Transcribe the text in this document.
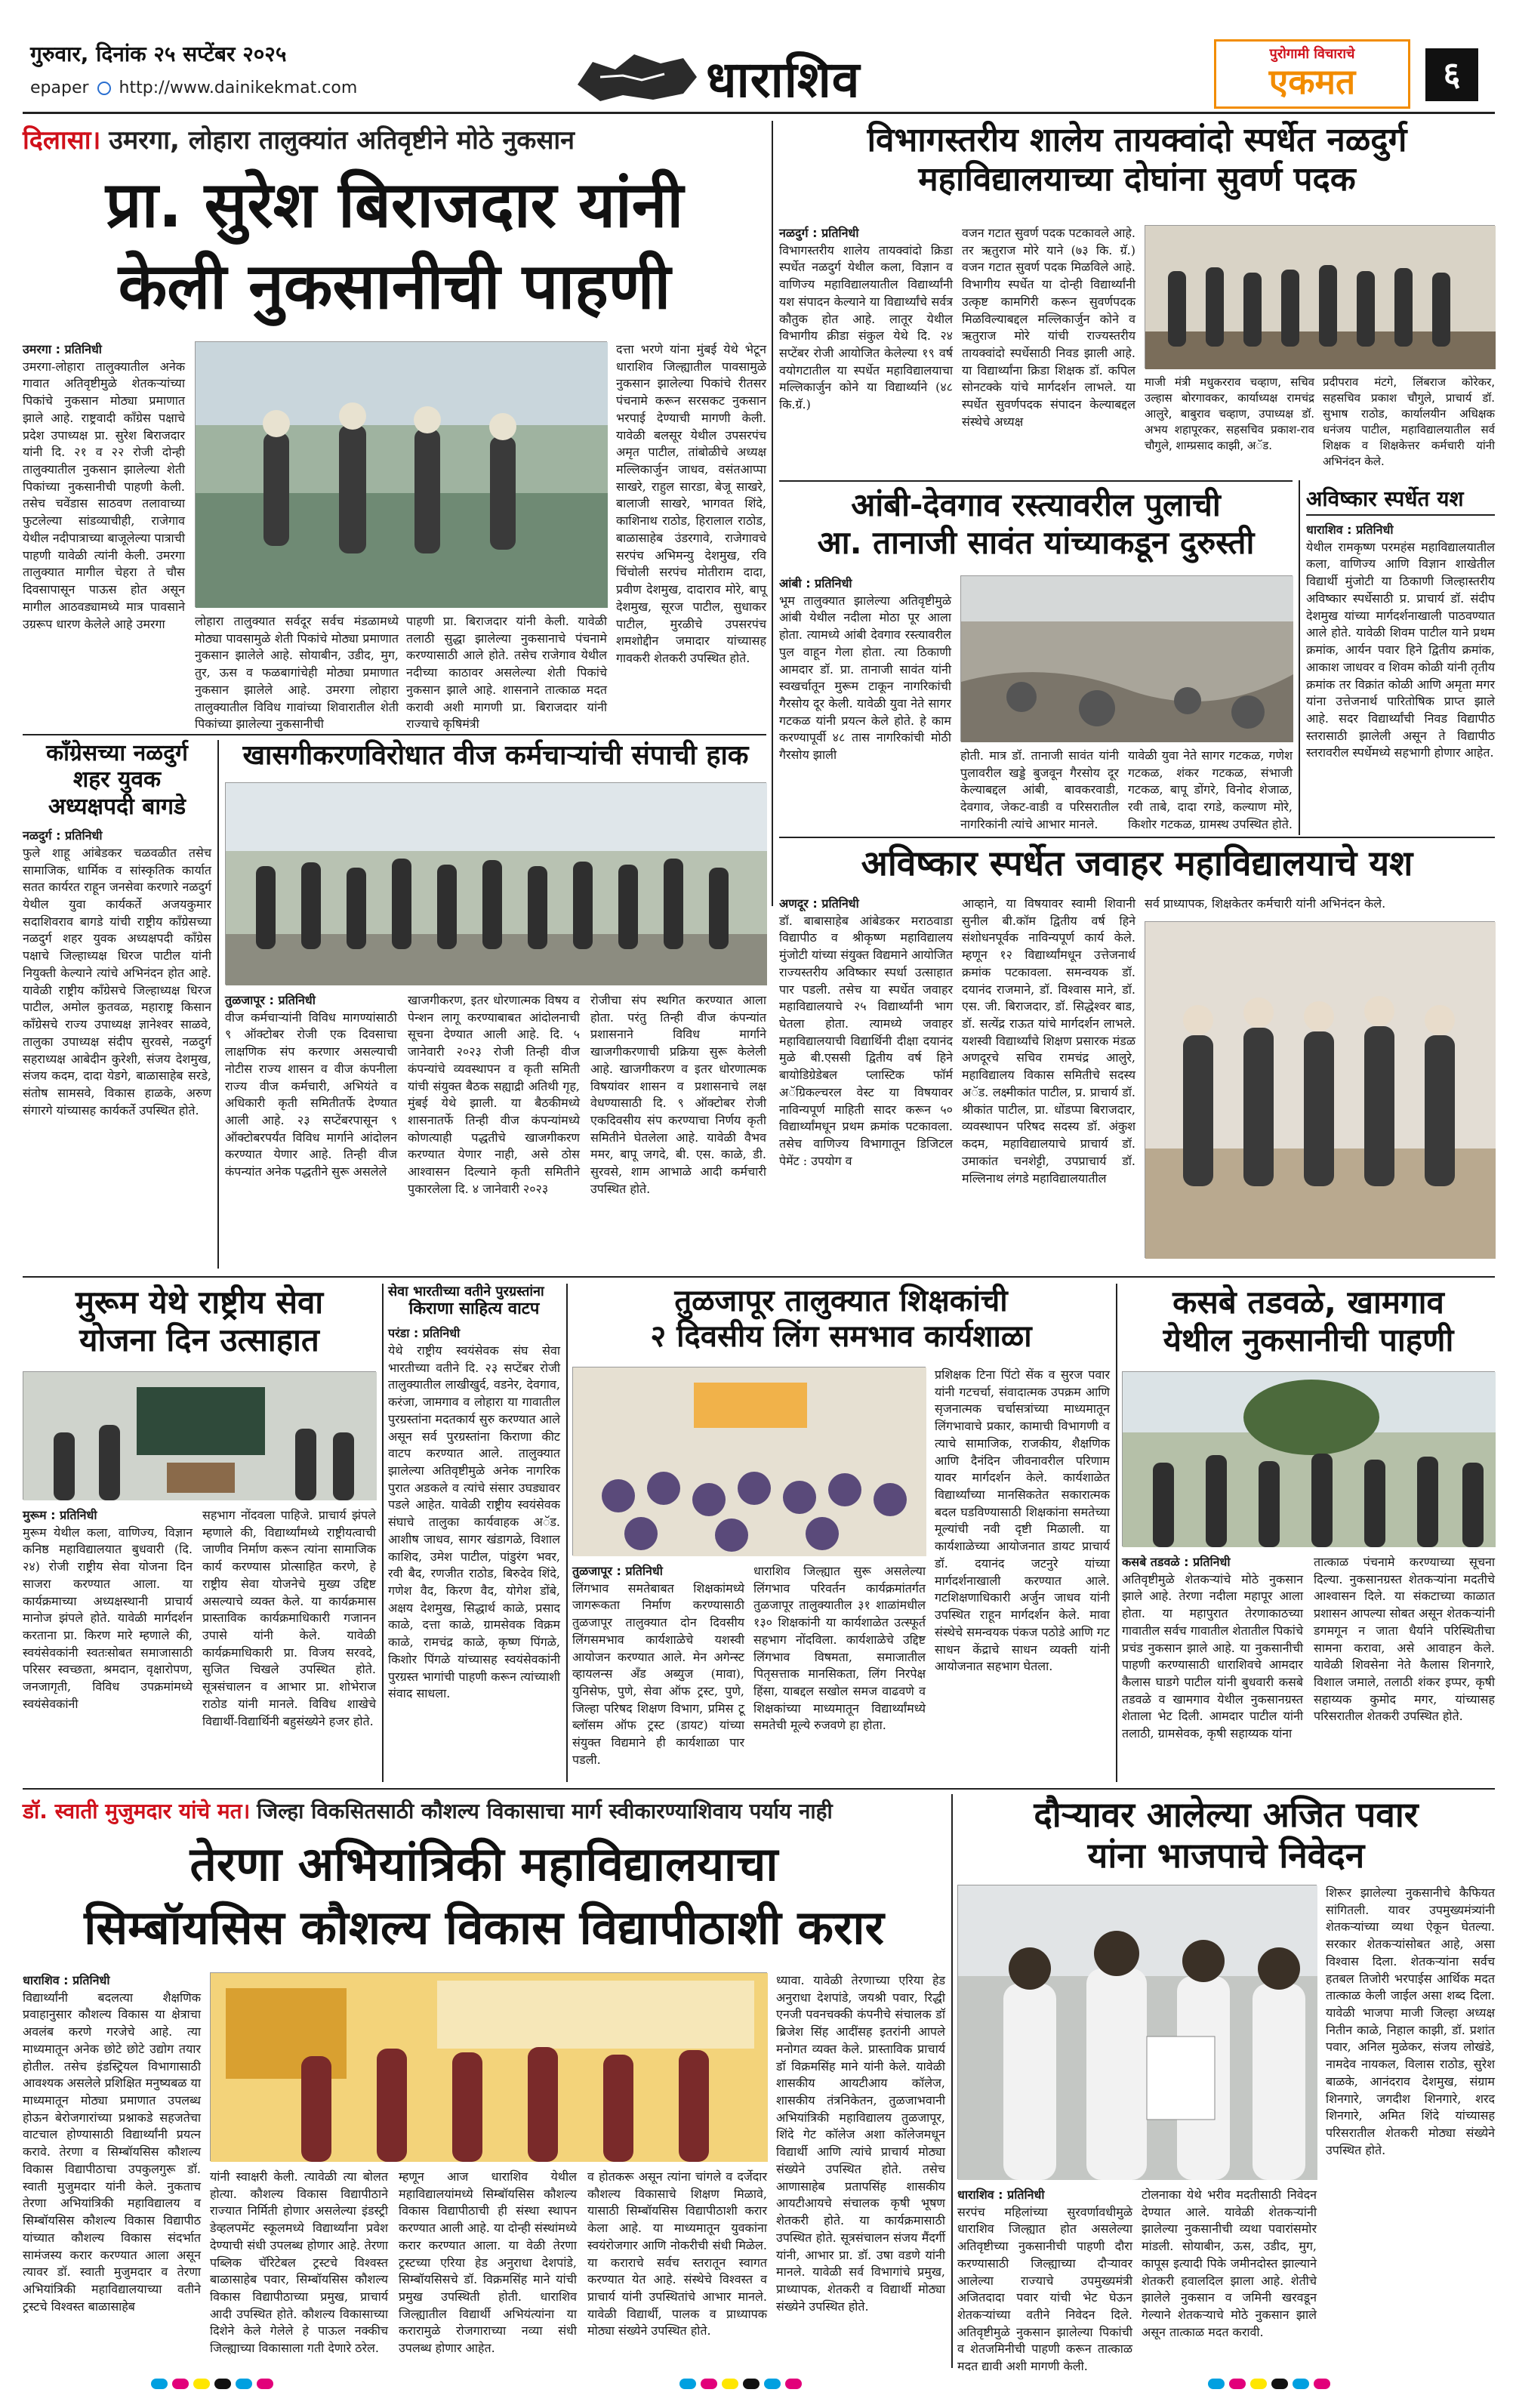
गुरुवार, दिनांक २५ सप्टेंबर २०२५
epaper http://www.dainikekmat.com	धाराशिव	पुरोगामी विचाराचे
एकमत	६
दिलासा। उमरगा, लोहारा तालुक्यांत अतिवृष्टीने मोठे नुकसान
प्रा. सुरेश बिराजदार यांनी
केली नुकसानीची पाहणी
उमरगा : प्रतिनिधी
उमरगा-लोहारा तालुक्यातील अनेक गावात अतिवृष्टीमुळे शेतकऱ्यांच्या पिकांचे नुकसान मोठ्या प्रमाणात झाले आहे. राष्ट्रवादी काँग्रेस पक्षाचे प्रदेश उपाध्यक्ष प्रा. सुरेश बिराजदार यांनी दि. २१ व २२ रोजी दोन्ही तालुक्यातील नुकसान झालेल्या शेती पिकांच्या नुकसानीची पाहणी केली. तसेच चवेंडास साठवण तलावाच्या फुटलेल्या सांडव्याचीही, राजेगाव येथील नदीपात्राच्या बाजूलेल्या पात्राची पाहणी यावेळी त्यांनी केली. उमरगा तालुक्यात मागील चेहरा ते चौस दिवसापासून पाऊस होत असून मागील आठवड्यामध्ये मात्र पावसाने उग्ररूप धारण केलेले आहे उमरगा	लोहारा तालुक्यात सर्वदूर सर्वच मंडळामध्ये मोठ्या पावसामुळे शेती पिकांचे मोठ्या प्रमाणात नुकसान झालेले आहे. सोयाबीन, उडीद, मुग, तुर, ऊस व फळबागांचेही मोठ्या प्रमाणात नुकसान झालेले आहे. उमरगा लोहारा तालुक्यातील विविध गावांच्या शिवारातील शेती पिकांच्या झालेल्या नुकसानीची
पाहणी प्रा. बिराजदार यांनी केली. यावेळी तलाठी सुद्धा झालेल्या नुकसानाचे पंचनामे करण्यासाठी आले होते. तसेच राजेगाव येथील नदीच्या काठावर असलेल्या शेती पिकांचे नुकसान झाले आहे. शासनाने तात्काळ मदत करावी अशी मागणी प्रा. बिराजदार यांनी राज्याचे कृषिमंत्री
दत्ता भरणे यांना मुंबई येथे भेटून धाराशिव जिल्ह्यातील पावसामुळे नुकसान झालेल्या पिकांचे रीतसर पंचनामे करून सरसकट नुकसान भरपाई देण्याची मागणी केली. यावेळी बलसूर येथील उपसरपंच अमृत पाटील, तांबोळीचे अध्यक्ष मल्लिकार्जुन जाधव, वसंतआप्पा साखरे, राहुल सारडा, बेजू साखरे, बालाजी साखरे, भागवत शिंदे, काशिनाथ राठोड, हिरालाल राठोड, बाळासाहेब उंडरगावे, राजेगावचे सरपंच अभिमन्यु देशमुख, रवि चिंचोली सरपंच मोतीराम दादा, प्रवीण देशमुख, दादाराव मोरे, बापू देशमुख, सूरज पाटील, सुधाकर पाटील, मुरळीचे उपसरपंच शमशोद्दीन जमादार यांच्यासह गावकरी शेतकरी उपस्थित होते.
काँग्रेसच्या नळदुर्ग
शहर युवक
अध्यक्षपदी बागडे
नळदुर्ग : प्रतिनिधी
फुले शाहू आंबेडकर चळवळीत तसेच सामाजिक, धार्मिक व सांस्कृतिक कार्यात सतत कार्यरत राहून जनसेवा करणारे नळदुर्ग येथील युवा कार्यकर्ते अजयकुमार सदाशिवराव बागडे यांची राष्ट्रीय काँग्रेसच्या नळदुर्ग शहर युवक अध्यक्षपदी काँग्रेस पक्षाचे जिल्हाध्यक्ष धिरज पाटील यांनी नियुक्ती केल्याने त्यांचे अभिनंदन होत आहे. यावेळी राष्ट्रीय काँग्रेसचे जिल्हाध्यक्ष धिरज पाटील, अमोल कुतवळ, महाराष्ट्र किसान काँग्रेसचे राज्य उपाध्यक्ष ज्ञानेश्वर साळवे, तालुका उपाध्यक्ष संदीप सुरवसे, नळदुर्ग सहराध्यक्ष आबेदीन कुरेशी, संजय देशमुख, संजय कदम, दादा येडगे, बाळासाहेब सरडे, संतोष सामसवे, विकास हाळके, अरुण संगारगे यांच्यासह कार्यकर्ते उपस्थित होते.
खासगीकरणविरोधात वीज कर्मचाऱ्यांची संपाची हाक
तुळजापूर : प्रतिनिधी
वीज कर्मचाऱ्यांनी विविध मागण्यांसाठी ९ ऑक्टोबर रोजी एक दिवसाचा लाक्षणिक संप करणार असल्याची नोटीस राज्य शासन व वीज कंपनीला राज्य वीज कर्मचारी, अभियंते व अधिकारी कृती समितीतर्फे देण्यात आली आहे. २३ सप्टेंबरपासून ९ ऑक्टोबरपर्यंत विविध मार्गाने आंदोलन करण्यात येणार आहे. तिन्ही वीज कंपन्यांत अनेक पद्धतीने सुरू असलेले
खाजगीकरण, इतर धोरणात्मक विषय व पेन्शन लागू करण्याबाबत आंदोलनाची सूचना देण्यात आली आहे. दि. ५ जानेवारी २०२३ रोजी तिन्ही वीज कंपन्यांचे व्यवस्थापन व कृती समिती यांची संयुक्त बैठक सह्याद्री अतिथी गृह, मुंबई येथे झाली. या बैठकीमध्ये शासनातर्फे तिन्ही वीज कंपन्यांमध्ये कोणत्याही पद्धतीचे खाजगीकरण करण्यात येणार नाही, असे ठोस आश्वासन दिल्याने कृती समितीने पुकारलेला दि. ४ जानेवारी २०२३
रोजीचा संप स्थगित करण्यात आला होता. परंतु तिन्ही वीज कंपन्यांत प्रशासनाने विविध मार्गाने खाजगीकरणाची प्रक्रिया सुरू केलेली आहे. खाजगीकरण व इतर धोरणात्मक विषयांवर शासन व प्रशासनाचे लक्ष वेधण्यासाठी दि. ९ ऑक्टोबर रोजी एकदिवसीय संप करण्याचा निर्णय कृती समितीने घेतलेला आहे. यावेळी वैभव ममर, बापू जगदे, बी. एस. काळे, डी. सुरवसे, शाम आभाळे आदी कर्मचारी उपस्थित होते.
विभागस्तरीय शालेय तायक्वांदो स्पर्धेत नळदुर्ग
महाविद्यालयाच्या दोघांना सुवर्ण पदक
नळदुर्ग : प्रतिनिधी
विभागस्तरीय शालेय तायक्वांदो क्रिडा स्पर्धेत नळदुर्ग येथील कला, विज्ञान व वाणिज्य महाविद्यालयातील विद्यार्थ्यांनी यश संपादन केल्याने या विद्यार्थ्यांचे सर्वत्र कौतुक होत आहे. लातूर येथील विभागीय क्रीडा संकुल येथे दि. २४ सप्टेंबर रोजी आयोजित केलेल्या १९ वर्ष वयोगटातील या स्पर्धेत महाविद्यालयाचा मल्लिकार्जुन कोने या विद्यार्थ्याने (४८ कि.ग्रॅ.)
वजन गटात सुवर्ण पदक पटकावले आहे. तर ऋतुराज मोरे याने (७३ कि. ग्रॅ.) वजन गटात सुवर्ण पदक मिळविले आहे. विभागीय स्पर्धेत या दोन्ही विद्यार्थ्यांनी उत्कृष्ट कामगिरी करून सुवर्णपदक मिळविल्याबद्दल मल्लिकार्जुन कोने व ऋतुराज मोरे यांची राज्यस्तरीय तायक्वांदो स्पर्धेसाठी निवड झाली आहे. या विद्यार्थ्यांना क्रिडा शिक्षक डॉ. कपिल सोनटक्के यांचे मार्गदर्शन लाभले. या स्पर्धेत सुवर्णपदक संपादन केल्याबद्दल संस्थेचे अध्यक्ष
माजी मंत्री मधुकरराव चव्हाण, सचिव उल्हास बोरगावकर, कार्याध्यक्ष रामचंद्र आलुरे, बाबुराव चव्हाण, उपाध्यक्ष डॉ. अभय शहापूरकर, सहसचिव प्रकाश-राव चौगुले, शाम्प्रसाद काझी, अॅड.
प्रदीपराव मंटगे, लिंबराज कोरेकर, सहसचिव प्रकाश चौगुले, प्राचार्य डॉ. सुभाष राठोड, कार्यालयीन अधिक्षक धनंजय पाटील, महाविद्यालयातील सर्व शिक्षक व शिक्षकेत्तर कर्मचारी यांनी अभिनंदन केले.
आंबी-देवगाव रस्त्यावरील पुलाची
आ. तानाजी सावंत यांच्याकडून दुरुस्ती
आंबी : प्रतिनिधी
भूम तालुक्यात झालेल्या अतिवृष्टीमुळे आंबी येथील नदीला मोठा पूर आला होता. त्यामध्ये आंबी देवगाव रस्त्यावरील पुल वाहून गेला होता. त्या ठिकाणी आमदार डॉ. प्रा. तानाजी सावंत यांनी स्वखर्चातून मुरूम टाकून नागरिकांची गैरसोय दूर केली. यावेळी युवा नेते सागर गटकळ यांनी प्रयत्न केले होते. हे काम करण्यापूर्वी ४८ तास नागरिकांची मोठी गैरसोय झाली	होती. मात्र डॉ. तानाजी सावंत यांनी पुलावरील खड्डे बुजवून गैरसोय दूर केल्याबद्दल आंबी, बावकरवाडी, देवगाव, जेकट-वाडी व परिसरातील नागरिकांनी त्यांचे आभार मानले.
यावेळी युवा नेते सागर गटकळ, गणेश गटकळ, शंकर गटकळ, संभाजी गटकळ, बापू डोंगरे, विनोद शेजाळ, रवी ताबे, दादा रगडे, कल्याण मोरे, किशोर गटकळ, ग्रामस्थ उपस्थित होते.
अविष्कार स्पर्धेत यश
धाराशिव : प्रतिनिधी
येथील रामकृष्ण परमहंस महाविद्यालयातील कला, वाणिज्य आणि विज्ञान शाखेतील विद्यार्थी मुंजोटी या ठिकाणी जिल्हास्तरीय अविष्कार स्पर्धेसाठी प्र. प्राचार्य डॉ. संदीप देशमुख यांच्या मार्गदर्शनाखाली पाठवण्यात आले होते. यावेळी शिवम पाटील याने प्रथम क्रमांक, आर्यन पवार हिने द्वितीय क्रमांक, आकाश जाधवर व शिवम कोळी यांनी तृतीय क्रमांक तर विक्रांत कोळी आणि अमृता मगर यांना उत्तेजनार्थ पारितोषिक प्राप्त झाले आहे. सदर विद्यार्थ्यांची निवड विद्यापीठ स्तरासाठी झालेली असून ते विद्यापीठ स्तरावरील स्पर्धेमध्ये सहभागी होणार आहेत.
अविष्कार स्पर्धेत जवाहर महाविद्यालयाचे यश
अणदूर : प्रतिनिधी
डॉ. बाबासाहेब आंबेडकर मराठवाडा विद्यापीठ व श्रीकृष्ण महाविद्यालय मुंजोटी यांच्या संयुक्त विद्यमाने आयोजित राज्यस्तरीय अविष्कार स्पर्धा उत्साहात पार पडली. तसेच या स्पर्धेत जवाहर महाविद्यालयाचे २५ विद्यार्थ्यांनी भाग घेतला होता. त्यामध्ये जवाहर महाविद्यालयाची विद्यार्थिनी दीक्षा दयानंद मुळे बी.एससी द्वितीय वर्ष हिने बायोडिग्रेडेबल प्लास्टिक फॉर्म अॅग्रिकल्चरल वेस्ट या विषयावर नाविन्यपूर्ण माहिती सादर करून ५० विद्यार्थ्यांमधून प्रथम क्रमांक पटकावला. तसेच वाणिज्य विभागातून डिजिटल पेमेंट : उपयोग व
आव्हाने, या विषयावर स्वामी शिवानी सुनील बी.कॉम द्वितीय वर्ष हिने संशोधनपूर्वक नाविन्यपूर्ण कार्य केले. म्हणून १२ विद्यार्थ्यांमधून उत्तेजनार्थ क्रमांक पटकावला. समन्वयक डॉ. दयानंद राजमाने, डॉ. विश्वास माने, डॉ. एस. जी. बिराजदार, डॉ. सिद्धेश्वर बाड, डॉ. सत्येंद्र राऊत यांचे मार्गदर्शन लाभले. यशस्वी विद्यार्थ्यांचे शिक्षण प्रसारक मंडळ अणदूरचे सचिव रामचंद्र आलुरे, महाविद्यालय विकास समितीचे सदस्य अॅड. लक्ष्मीकांत पाटील, प्र. प्राचार्य डॉ. श्रीकांत पाटील, प्रा. धोंडप्पा बिराजदार, व्यवस्थापन परिषद सदस्य डॉ. अंकुश कदम, महाविद्यालयाचे प्राचार्य डॉ. उमाकांत चनशेट्टी, उपप्राचार्य डॉ. मल्लिनाथ लंगडे महाविद्यालयातील
सर्व प्राध्यापक, शिक्षकेतर कर्मचारी यांनी अभिनंदन केले.
मुरूम येथे राष्ट्रीय सेवा
योजना दिन उत्साहात
मुरूम : प्रतिनिधी
मुरूम येथील कला, वाणिज्य, विज्ञान कनिष्ठ महाविद्यालयात बुधवारी (दि. २४) रोजी राष्ट्रीय सेवा योजना दिन साजरा करण्यात आला. या कार्यक्रमाच्या अध्यक्षस्थानी प्राचार्य मानोज झंपले होते. यावेळी मार्गदर्शन करताना प्रा. किरण मारे म्हणाले की, स्वयंसेवकांनी स्वतःसोबत समाजासाठी परिसर स्वच्छता, श्रमदान, वृक्षारोपण, जनजागृती, विविध उपक्रमांमध्ये स्वयंसेवकांनी
सहभाग नोंदवला पाहिजे. प्राचार्य झंपले म्हणाले की, विद्यार्थ्यांमध्ये राष्ट्रीयत्वाची जाणीव निर्माण करून त्यांना सामाजिक कार्य करण्यास प्रोत्साहित करणे, हे राष्ट्रीय सेवा योजनेचे मुख्य उद्दिष्ट असल्याचे व्यक्त केले. या कार्यक्रमास प्रास्ताविक कार्यक्रमाधिकारी गजानन उपासे यांनी केले. यावेळी कार्यक्रमाधिकारी प्रा. विजय सरवदे, सुजित चिखले उपस्थित होते. सूत्रसंचालन व आभार प्रा. शोभेराज राठोड यांनी मानले. विविध शाखेचे विद्यार्थी-विद्यार्थिनी बहुसंख्येने हजर होते.
सेवा भारतीच्या वतीने पुरग्रस्तांना
किराणा साहित्य वाटप
परंडा : प्रतिनिधी
येथे राष्ट्रीय स्वयंसेवक संघ सेवा भारतीच्या वतीने दि. २३ सप्टेंबर रोजी तालुक्यातील लाखीखुर्द, वडनेर, देवगाव, करंजा, जामगाव व लोहारा या गावातील पुरग्रस्तांना मदतकार्य सुरु करण्यात आले असून सर्व पुरग्रस्तांना किराणा कीट वाटप करण्यात आले. तालुक्यात झालेल्या अतिवृष्टीमुळे अनेक नागरिक पुरात अडकले व त्यांचे संसार उघड्यावर पडले आहेत. यावेळी राष्ट्रीय स्वयंसेवक संघाचे तालुका कार्यवाहक अॅड. आशीष जाधव, सागर खंडागळे, विशाल काशिद, उमेश पाटील, पांडुरंग भवर, रवी बैद, रणजीत राठोड, बिरुदेव शिंदे, गणेश वैद, किरण वैद, योगेश डोंबे, अक्षय देशमुख, सिद्धार्थ काळे, प्रसाद काळे, दत्ता काळे, ग्रामसेवक विक्रम काळे, रामचंद्र काळे, कृष्ण पिंगळे, किशोर पिंगळे यांच्यासह स्वयंसेवकांनी पुरग्रस्त भागांची पाहणी करून त्यांच्याशी संवाद साधला.
तुळजापूर तालुक्यात शिक्षकांची
२ दिवसीय लिंग समभाव कार्यशाळा
तुळजापूर : प्रतिनिधी
लिंगभाव समतेबाबत शिक्षकांमध्ये जागरूकता निर्माण करण्यासाठी तुळजापूर तालुक्यात दोन दिवसीय लिंगसमभाव कार्यशाळेचे यशस्वी आयोजन करण्यात आले. मेन अगेन्स्ट व्हायलन्स अँड अब्युज (मावा), युनिसेफ, पुणे, सेवा ऑफ ट्रस्ट, पुणे, जिल्हा परिषद शिक्षण विभाग, प्रमिस टू ब्लॉसम ऑफ ट्रस्ट (डायट) यांच्या संयुक्त विद्यमाने ही कार्यशाळा पार पडली.
धाराशिव जिल्ह्यात सुरू असलेल्या लिंगभाव परिवर्तन कार्यक्रमांतर्गत तुळजापूर तालुक्यातील ३१ शाळांमधील १३० शिक्षकांनी या कार्यशाळेत उत्स्फूर्त सहभाग नोंदविला. कार्यशाळेचे उद्दिष्ट लिंगभाव विषमता, समाजातील पितृसत्ताक मानसिकता, लिंग निरपेक्ष हिंसा, याबद्दल सखोल समज वाढवणे व शिक्षकांच्या माध्यमातून विद्यार्थ्यांमध्ये समतेची मूल्ये रुजवणे हा होता.
प्रशिक्षक टिना पिंटो सेंक व सुरज पवार यांनी गटचर्चा, संवादात्मक उपक्रम आणि सृजनात्मक चर्चासत्रांच्या माध्यमातून लिंगभावाचे प्रकार, कामाची विभागणी व त्याचे सामाजिक, राजकीय, शैक्षणिक आणि दैनंदिन जीवनावरील परिणाम यावर मार्गदर्शन केले. कार्यशाळेत विद्यार्थ्यांच्या मानसिकतेत सकारात्मक बदल घडविण्यासाठी शिक्षकांना समतेच्या मूल्यांची नवी दृष्टी मिळाली. या कार्यशाळेच्या आयोजनात डायट प्राचार्य डॉ. दयानंद जटनुरे यांच्या मार्गदर्शनाखाली करण्यात आले. गटशिक्षणाधिकारी अर्जुन जाधव यांनी उपस्थित राहून मार्गदर्शन केले. मावा संस्थेचे समन्वयक पंकज पठोडे आणि गट साधन केंद्राचे साधन व्यक्ती यांनी आयोजनात सहभाग घेतला.
कसबे तडवळे, खामगाव
येथील नुकसानीची पाहणी
कसबे तडवळे : प्रतिनिधी
अतिवृष्टीमुळे शेतकऱ्यांचे मोठे नुकसान झाले आहे. तेरणा नदीला महापूर आला होता. या महापुरात तेरणाकाठच्या गावातील सर्वच गावातील शेतातील पिकांचे प्रचंड नुकसान झाले आहे. या नुकसानीची पाहणी करण्यासाठी धाराशिवचे आमदार कैलास घाडगे पाटील यांनी बुधवारी कसबे तडवळे व खामगाव येथील नुकसानग्रस्त शेताला भेट दिली. आमदार पाटील यांनी तलाठी, ग्रामसेवक, कृषी सहाय्यक यांना
तात्काळ पंचनामे करण्याच्या सूचना दिल्या. नुकसानग्रस्त शेतकऱ्यांना मदतीचे आश्वासन दिले. या संकटाच्या काळात प्रशासन आपल्या सोबत असून शेतकऱ्यांनी डगमगून न जाता धैर्याने परिस्थितीचा सामना करावा, असे आवाहन केले. यावेळी शिवसेना नेते कैलास शिनगारे, विशाल जमाले, तलाठी शंकर इप्पर, कृषी सहाय्यक कुमोद मगर, यांच्यासह परिसरातील शेतकरी उपस्थित होते.
डॉ. स्वाती मुजुमदार यांचे मत। जिल्हा विकसितसाठी कौशल्य विकासाचा मार्ग स्वीकारण्याशिवाय पर्याय नाही
तेरणा अभियांत्रिकी महाविद्यालयाचा
सिम्बॉयसिस कौशल्य विकास विद्यापीठाशी करार
धाराशिव : प्रतिनिधी
विद्यार्थ्यांनी बदलत्या शैक्षणिक प्रवाहानुसार कौशल्य विकास या क्षेत्राचा अवलंब करणे गरजेचे आहे. त्या माध्यमातून अनेक छोटे छोटे उद्योग तयार होतील. तसेच इंडस्ट्रियल विभागासाठी आवश्यक असलेले प्रशिक्षित मनुष्यबळ या माध्यमातून मोठ्या प्रमाणात उपलब्ध होऊन बेरोजगारांच्या प्रश्नाकडे सहजतेचा वाटचाल होण्यासाठी विद्यार्थ्यांनी प्रयत्न करावे. तेरणा व सिम्बॉयसिस कौशल्य विकास विद्यापीठाचा उपकुलगुरू डॉ. स्वाती मुजुमदार यांनी केले. नुकताच तेरणा अभियांत्रिकी महाविद्यालय व सिम्बॉयसिस कौशल्य विकास विद्यापीठ यांच्यात कौशल्य विकास संदर्भात सामंजस्य करार करण्यात आला असून त्यावर डॉ. स्वाती मुजुमदार व तेरणा अभियांत्रिकी महाविद्यालयाच्या वतीने ट्रस्टचे विश्वस्त बाळासाहेब
यांनी स्वाक्षरी केली. त्यावेळी त्या बोलत होत्या. कौशल्य विकास विद्यापीठाने राज्यात निर्मिती होणार असलेल्या इंडस्ट्री डेव्हलपमेंट स्कूलमध्ये विद्यार्थ्यांना प्रवेश देण्याची संधी उपलब्ध होणार आहे. तेरणा पब्लिक चॅरिटेबल ट्रस्टचे विश्वस्त बाळासाहेब पवार, सिम्बॉयसिस कौशल्य विकास विद्यापीठाच्या प्रमुख, प्राचार्य आदी उपस्थित होते. कौशल्य विकासाच्या दिशेने केले गेलेले हे पाऊल नक्कीच जिल्ह्याच्या विकासाला गती देणारे ठरेल.
म्हणून आज धाराशिव येथील महाविद्यालयांमध्ये सिम्बॉयसिस कौशल्य विकास विद्यापीठाची ही संस्था स्थापन करण्यात आली आहे. या दोन्ही संस्थांमध्ये करार करण्यात आला. या वेळी तेरणा ट्रस्टच्या एरिया हेड अनुराधा देशपांडे, सिम्बॉयसिसचे डॉ. विक्रमसिंह माने यांची प्रमुख उपस्थिती होती. धाराशिव जिल्ह्यातील विद्यार्थी अभियंत्यांना या करारामुळे रोजगाराच्या नव्या संधी उपलब्ध होणार आहेत.
व होतकरू असून त्यांना चांगले व दर्जेदार कौशल्य विकासाचे शिक्षण मिळावे, यासाठी सिम्बॉयसिस विद्यापीठाशी करार केला आहे. या माध्यमातून युवकांना स्वयंरोजगार आणि नोकरीची संधी मिळेल. या कराराचे सर्वच स्तरातून स्वागत करण्यात येत आहे. संस्थेचे विश्वस्त व प्राचार्य यांनी उपस्थितांचे आभार मानले. यावेळी विद्यार्थी, पालक व प्राध्यापक मोठ्या संख्येने उपस्थित होते.
ध्यावा. यावेळी तेरणाच्या एरिया हेड अनुराधा देशपांडे, जयश्री पवार, रिद्धी एनजी पवनचक्की कंपनीचे संचालक डॉ ब्रिजेश सिंह आदींसह इतरांनी आपले मनोगत व्यक्त केले. प्रास्ताविक प्राचार्य डॉ विक्रमसिंह माने यांनी केले. यावेळी शासकीय आयटीआय कॉलेज, शासकीय तंत्रनिकेतन, तुळजाभवानी अभियांत्रिकी महाविद्यालय तुळजापूर, शिंदे गेट कॉलेज अशा कॉलेजमधून विद्यार्थी आणि त्यांचे प्राचार्य मोठ्या संख्येने उपस्थित होते. तसेच आणासाहेब प्रतापसिंह शासकीय आयटीआयचे संचालक कृषी भूषण शेतकरी होते. या कार्यक्रमासाठी उपस्थित होते. सूत्रसंचालन संजय मैंदर्गी यांनी, आभार प्रा. डॉ. उषा वडणे यांनी मानले. यावेळी सर्व विभागांचे प्रमुख, प्राध्यापक, शेतकरी व विद्यार्थी मोठ्या संख्येने उपस्थित होते.
दौऱ्यावर आलेल्या अजित पवार
यांना भाजपाचे निवेदन
शिरूर झालेल्या नुकसानीचे कैफियत सांगितली. यावर उपमुख्यमंत्र्यांनी शेतकऱ्यांच्या व्यथा ऐकून घेतल्या. सरकार शेतकऱ्यांसोबत आहे, असा विश्वास दिला. शेतकऱ्यांना सर्वच हतबल तिजोरी भरपाईस आर्थिक मदत तात्काळ केली जाईल असा शब्द दिला. यावेळी भाजपा माजी जिल्हा अध्यक्ष नितीन काळे, निहाल काझी, डॉ. प्रशांत पवार, अनिल मुळेकर, संजय लोखंडे, नामदेव नायकल, विलास राठोड, सुरेश बाळके, आनंदराव देशमुख, संग्राम शिनगारे, जगदीश शिनगारे, शरद शिनगारे, अमित शिंदे यांच्यासह परिसरातील शेतकरी मोठ्या संख्येने उपस्थित होते.
धाराशिव : प्रतिनिधी
सरपंच महिलांच्या सुरवर्णावधीमुळे धाराशिव जिल्ह्यात होत असलेल्या अतिवृष्टीच्या नुकसानीची पाहणी दौरा करण्यासाठी जिल्ह्याच्या दौऱ्यावर आलेल्या राज्याचे उपमुख्यमंत्री अजितदादा पवार यांची भेट घेऊन शेतकऱ्यांच्या वतीने निवेदन दिले. अतिवृष्टीमुळे नुकसान झालेल्या पिकांची व शेतजमिनीची पाहणी करून तात्काळ मदत द्यावी अशी मागणी केली.
टोलनाका येथे भरीव मदतीसाठी निवेदन देण्यात आले. यावेळी शेतकऱ्यांनी झालेल्या नुकसानीची व्यथा पवारांसमोर मांडली. सोयाबीन, ऊस, उडीद, मुग, कापूस इत्यादी पिके जमीनदोस्त झाल्याने शेतकरी हवालदिल झाला आहे. शेतीचे झालेले नुकसान व जमिनी खरवडून गेल्याने शेतकऱ्याचे मोठे नुकसान झाले असून तात्काळ मदत करावी.
